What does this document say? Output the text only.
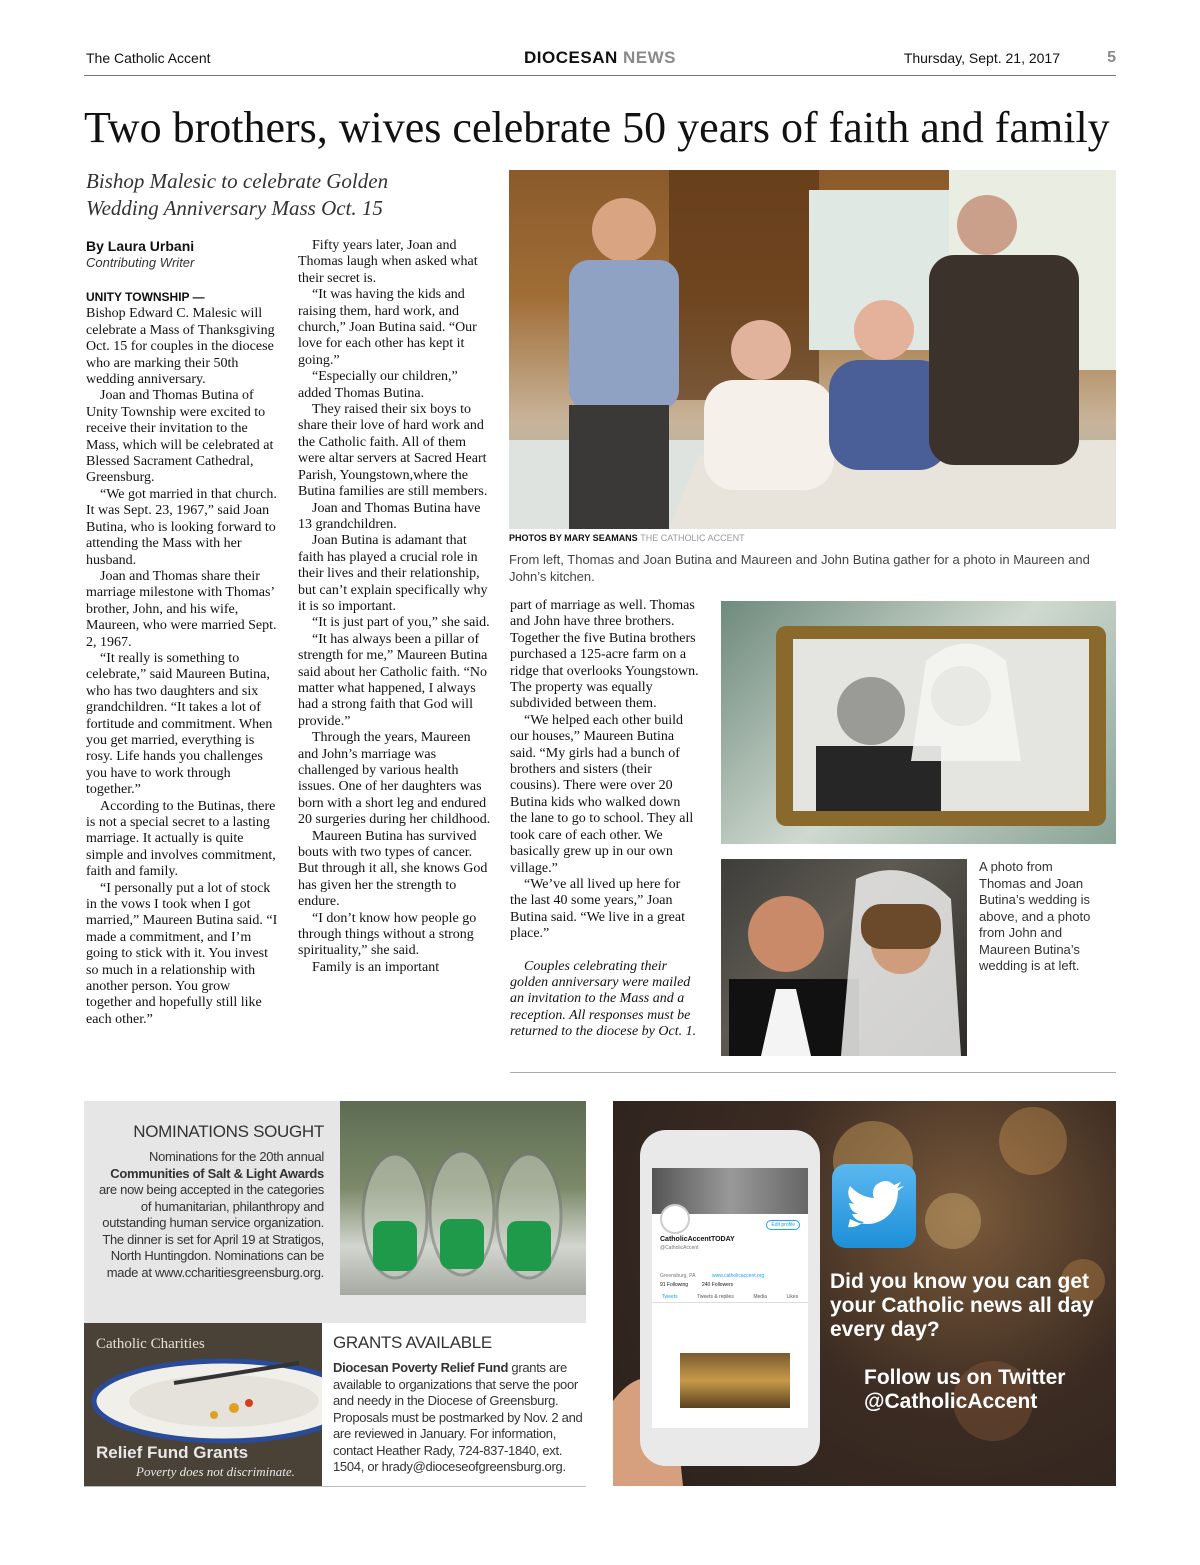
The Catholic Accent	DIOCESAN NEWS	Thursday, Sept. 21, 2017	5
Two brothers, wives celebrate 50 years of faith and family
Bishop Malesic to celebrate Golden Wedding Anniversary Mass Oct. 15
By Laura Urbani
Contributing Writer

UNITY TOWNSHIP —
Bishop Edward C. Malesic will celebrate a Mass of Thanksgiving Oct. 15 for couples in the diocese who are marking their 50th wedding anniversary.

Joan and Thomas Butina of Unity Township were excited to receive their invitation to the Mass, which will be celebrated at Blessed Sacrament Cathedral, Greensburg.

“We got married in that church. It was Sept. 23, 1967,” said Joan Butina, who is looking forward to attending the Mass with her husband.

Joan and Thomas share their marriage milestone with Thomas’ brother, John, and his wife, Maureen, who were married Sept. 2, 1967.

“It really is something to celebrate,” said Maureen Butina, who has two daughters and six grandchildren. “It takes a lot of fortitude and commitment. When you get married, everything is rosy. Life hands you challenges you have to work through together.”

According to the Butinas, there is not a special secret to a lasting marriage. It actually is quite simple and involves commitment, faith and family.

“I personally put a lot of stock in the vows I took when I got married,” Maureen Butina said. “I made a commitment, and I’m going to stick with it. You invest so much in a relationship with another person. You grow together and hopefully still like each other.”

Fifty years later, Joan and Thomas laugh when asked what their secret is.

“It was having the kids and raising them, hard work, and church,” Joan Butina said. “Our love for each other has kept it going.”

“Especially our children,” added Thomas Butina.

They raised their six boys to share their love of hard work and the Catholic faith. All of them were altar servers at Sacred Heart Parish, Youngstown,where the Butina families are still members.

Joan and Thomas Butina have 13 grandchildren.

Joan Butina is adamant that faith has played a crucial role in their lives and their relationship, but can’t explain specifically why it is so important.

“It is just part of you,” she said.

“It has always been a pillar of strength for me,” Maureen Butina said about her Catholic faith. “No matter what happened, I always had a strong faith that God will provide.”

Through the years, Maureen and John’s marriage was challenged by various health issues. One of her daughters was born with a short leg and endured 20 surgeries during her childhood.

Maureen Butina has survived bouts with two types of cancer. But through it all, she knows God has given her the strength to endure.

“I don’t know how people go through things without a strong spirituality,” she said.

Family is an important

PHOTOS BY MARY SEAMANS THE CATHOLIC ACCENT
From left, Thomas and Joan Butina and Maureen and John Butina gather for a photo in Maureen and John’s kitchen.

part of marriage as well. Thomas and John have three brothers. Together the five Butina brothers purchased a 125-acre farm on a ridge that overlooks Youngstown. The property was equally subdivided between them.

“We helped each other build our houses,” Maureen Butina said. “My girls had a bunch of brothers and sisters (their cousins). There were over 20 Butina kids who walked down the lane to go to school. They all took care of each other. We basically grew up in our own village.”

“We’ve all lived up here for the last 40 some years,” Joan Butina said. “We live in a great place.”

Couples celebrating their golden anniversary were mailed an invitation to the Mass and a reception. All responses must be returned to the diocese by Oct. 1.

A photo from Thomas and Joan Butina’s wedding is above, and a photo from John and Maureen Butina’s wedding is at left.
NOMINATIONS SOUGHT
Nominations for the 20th annual Communities of Salt & Light Awards are now being accepted in the categories of humanitarian, philanthropy and outstanding human service organization. The dinner is set for April 19 at Stratigos, North Huntingdon. Nominations can be made at www.ccharitiesgreensburg.org.
Catholic Charities
Relief Fund Grants
Poverty does not discriminate.
GRANTS AVAILABLE
Diocesan Poverty Relief Fund grants are available to organizations that serve the poor and needy in the Diocese of Greensburg. Proposals must be postmarked by Nov. 2 and are reviewed in January. For information, contact Heather Rady, 724-837-1840, ext. 1504, or hrady@dioceseofgreensburg.org.
Edit profile
CatholicAccentTODAY
@CatholicAccent
Greensburg, PA	www.catholicaccent.org
91 Following	240 Followers
Tweets	Tweets & replies	Media	Likes
Did you know you can get your Catholic news all day every day?
Follow us on Twitter @CatholicAccent
